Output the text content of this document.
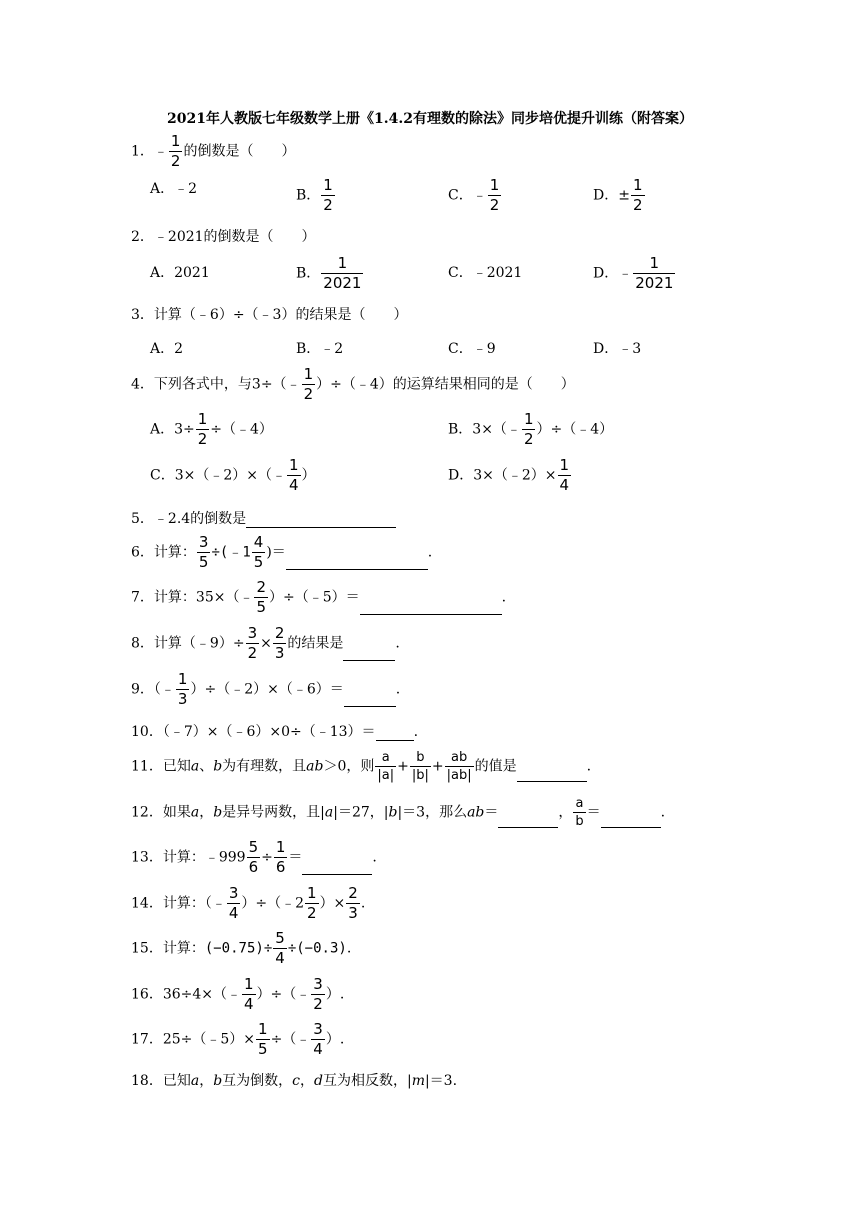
2021年人教版七年级数学上册《1.4.2有理数的除法》同步培优提升训练（附答案）
1．﹣ $\frac{1}{2}$ 的倒数是（　　）
A．﹣2	B． $\frac{1}{2}$	C．﹣ $\frac{1}{2}$	D．± $\frac{1}{2}$
2．﹣2021的倒数是（　　）
A．2021	B． $\frac{1}{2021}$	C．﹣2021	D．﹣ $\frac{1}{2021}$
3．计算（﹣6）÷（﹣3）的结果是（　　）
A．2	B．﹣2	C．﹣9	D．﹣3
4．下列各式中，与3÷（﹣ $\frac{1}{2}$ ）÷（﹣4）的运算结果相同的是（　　）
A．$3\div \frac{1}{2}$ ÷（﹣4）	B．3×（﹣ $\frac{1}{2}$ ）÷（﹣4）
C．3×（﹣2）×（﹣ $\frac{1}{4}$ ）	D．3×（﹣2）× $\frac{1}{4}$
5．﹣2.4的倒数是
6．计算： $\frac{3}{5}$ ÷(﹣1 $\frac{4}{5}$ )＝	.
7．计算：35×（﹣ $\frac{2}{5}$ ）÷（﹣5）＝	.
8．计算（﹣9）÷ $\frac{3}{2} \times \frac{2}{3}$ 的结果是	.
9．（﹣ $\frac{1}{3}$ ）÷（﹣2）×（﹣6）＝	.
10．（﹣7）×（﹣6）×0÷（﹣13）＝	.
11．已知a、b为有理数，且ab＞0，则 $\frac{a}{|a|} + \frac{b}{|b|} + \frac{ab}{|ab|}$ 的值是	.
12．如果a，b是异号两数，且|a|＝27，|b|＝3，那么ab＝	， $\frac{a}{b}$ ＝	.
13．计算：﹣999 $\frac{5}{6} \div \frac{1}{6}$ ＝	.
14．计算：（﹣ $\frac{3}{4}$ ）÷（﹣2 $\frac{1}{2}$ ）× $\frac{2}{3}$ .
15．计算：$(-0.75)\div \frac{5}{4} \div(-0.3)$.
16．36÷4×（﹣ $\frac{1}{4}$ ）÷（﹣ $\frac{3}{2}$ ）.
17．25÷（﹣5）× $\frac{1}{5}$ ÷（﹣ $\frac{3}{4}$ ）.
18．已知a，b互为倒数，c，d互为相反数，|m|＝3.
